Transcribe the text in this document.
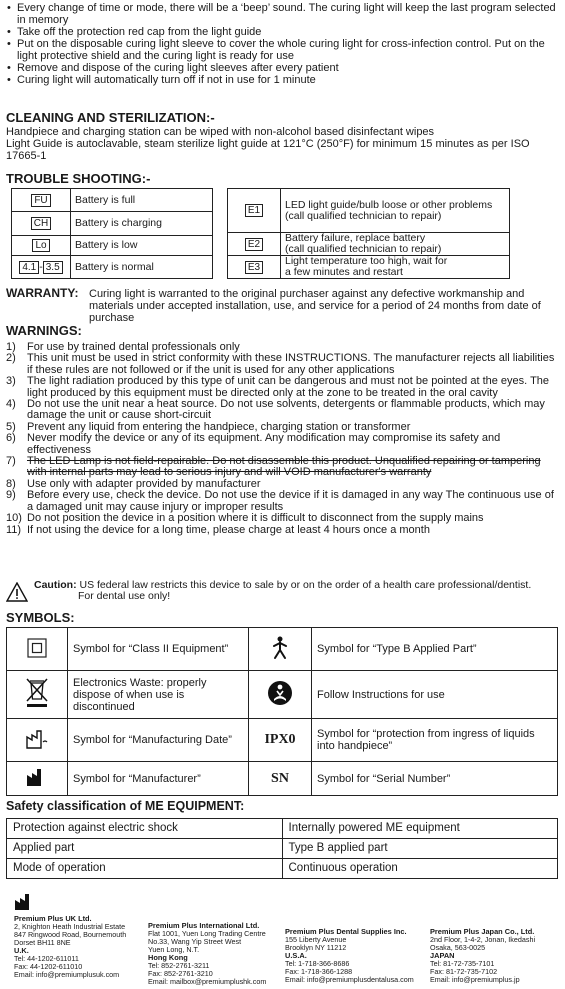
• Every change of time or mode, there will be a ‘beep’ sound. The curing light will keep the last program selected in memory
• Take off the protection red cap from the light guide
• Put on the disposable curing light sleeve to cover the whole curing light for cross-infection control. Put on the light protective shield and the curing light is ready for use
• Remove and dispose of the curing light sleeves after every patient
• Curing light will automatically turn off if not in use for 1 minute
CLEANING AND STERILIZATION:-
Handpiece and charging station can be wiped with non-alcohol based disinfectant wipes
Light Guide is autoclavable, steam sterilize light guide at 121°C (250°F) for minimum 15 minutes as per ISO 17665-1
TROUBLE SHOOTING:-
FU	Battery is full		E1	LED light guide/bulb loose or other problems
(call qualified technician to repair)
CH	Battery is charging			
			E2	Battery failure, replace battery
(call qualified technician to repair)
Lo	Battery is low			
4.1 - 3.5	Battery is normal		E3	Light temperature too high, wait for
a few minutes and restart
WARRANTY: Curing light is warranted to the original purchaser against any defective workmanship and materials under accepted installation, use, and service for a period of 24 months from date of purchase
WARNINGS:
1) For use by trained dental professionals only
2) This unit must be used in strict conformity with these INSTRUCTIONS. The manufacturer rejects all liabilities if these rules are not followed or if the unit is used for any other applications
3) The light radiation produced by this type of unit can be dangerous and must not be pointed at the eyes. The light produced by this equipment must be directed only at the zone to be treated in the oral cavity
4) Do not use the unit near a heat source. Do not use solvents, detergents or flammable products, which may damage the unit or cause short-circuit
5) Prevent any liquid from entering the handpiece, charging station or transformer
6) Never modify the device or any of its equipment. Any modification may compromise its safety and effectiveness
7) The LED Lamp is not field-repairable. Do not disassemble this product. Unqualified repairing or tampering with internal parts may lead to serious injury and will VOID manufacturer's warranty
8) Use only with adapter provided by manufacturer
9) Before every use, check the device. Do not use the device if it is damaged in any way The continuous use of a damaged unit may cause injury or improper results
10) Do not position the device in a position where it is difficult to disconnect from the supply mains
11) If not using the device for a long time, please charge at least 4 hours once a month
Caution: US federal law restricts this device to sale by or on the order of a health care professional/dentist.
For dental use only!
SYMBOLS:
	Symbol for “Class II Equipment”		Symbol for “Type B Applied Part”
	Electronics Waste: properly dispose of when use is discontinued		Follow Instructions for use
	Symbol for “Manufacturing Date”	IPX0	Symbol for “protection from ingress of liquids into handpiece”
	Symbol for “Manufacturer”	SN	Symbol for “Serial Number”
Safety classification of ME EQUIPMENT:
Protection against electric shock	Internally powered ME equipment
Applied part	Type B applied part
Mode of operation	Continuous operation
Premium Plus UK Ltd.
2, Knighton Heath Industrial Estate
847 Ringwood Road, Bournemouth
Dorset BH11 8NE
U.K.
Tel: 44-1202-611011
Fax: 44-1202-611010
Email: info@premiumplusuk.com
Premium Plus International Ltd.
Flat 1001, Yuen Long Trading Centre
No.33, Wang Yip Street West
Yuen Long, N.T.
Hong Kong
Tel: 852-2761-3211
Fax: 852-2761-3210
Email: mailbox@premiumplushk.com
Premium Plus Dental Supplies Inc.
155 Liberty Avenue
Brooklyn NY 11212
U.S.A.
Tel: 1-718-366-8686
Fax: 1-718-366-1288
Email: info@premiumplusdentalusa.com
Premium Plus Japan Co., Ltd.
2nd Floor, 1-4-2, Jonan, Ikedashi
Osaka, 563-0025
JAPAN
Tel: 81-72-735-7101
Fax: 81-72-735-7102
Email: info@premiumplus.jp
